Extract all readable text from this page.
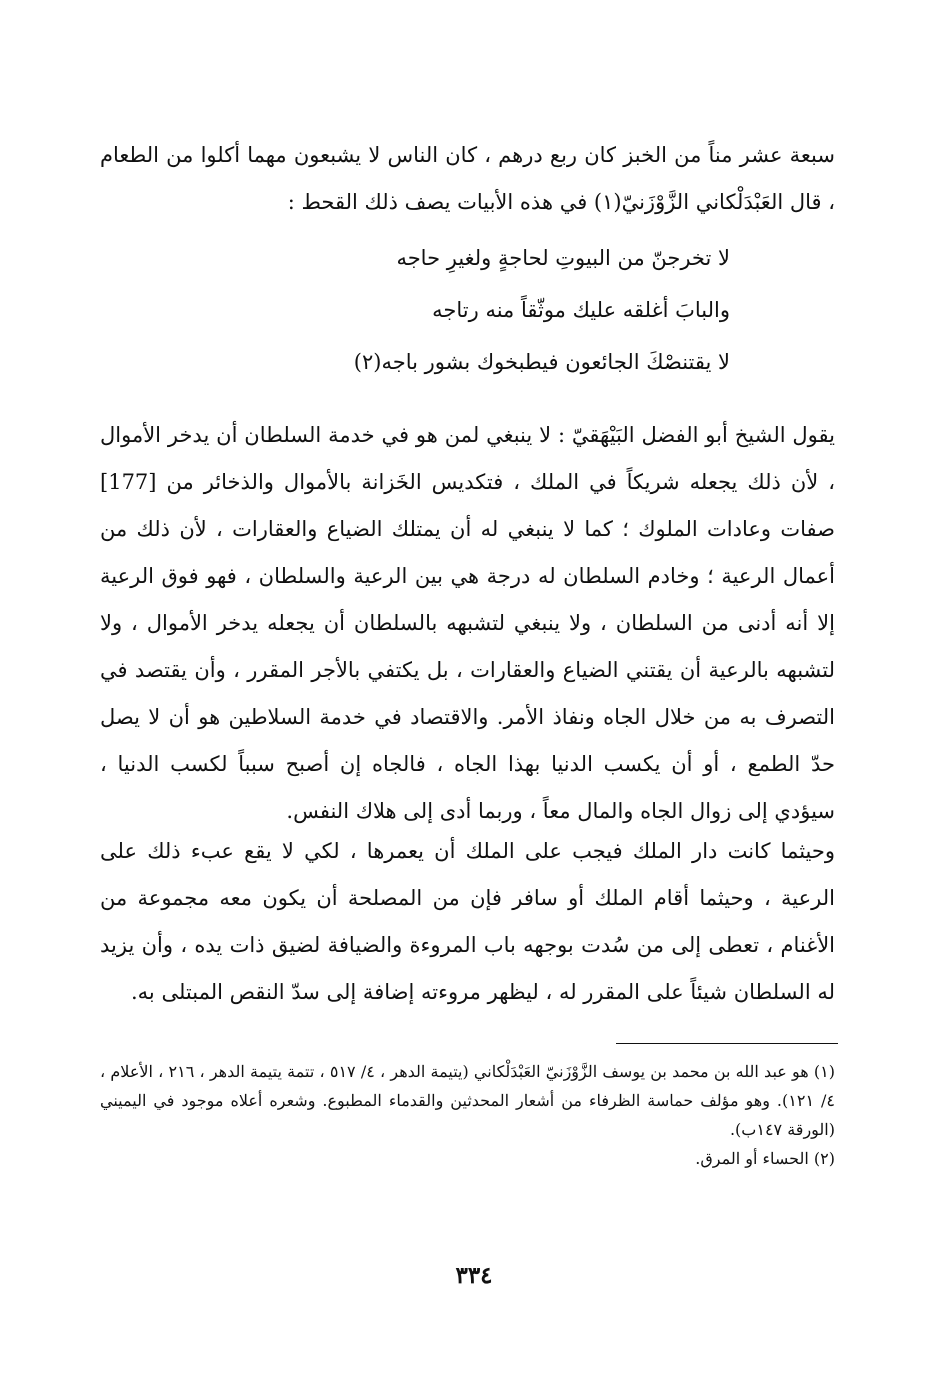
سبعة عشر مناً من الخبز كان ربع درهم ، كان الناس لا يشبعون مهما أكلوا من الطعام ، قال العَبْدَلْكاني الزَّوْزَنيّ(١) في هذه الأبيات يصف ذلك القحط :

لا تخرجنّ من البيوتِ لحاجةٍ ولغيرِ حاجه
والبابَ أغلقه عليك موثّقاً منه رتاجه
لا يقتنصْكَ الجائعون فيطبخوك بشور باجه(٢)

يقول الشيخ أبو الفضل البَيْهَقيّ : لا ينبغي لمن هو في خدمة السلطان أن يدخر الأموال ، لأن ذلك يجعله شريكاً في الملك ، فتكديس الخَزانة بالأموال والذخائر من [177] صفات وعادات الملوك ؛ كما لا ينبغي له أن يمتلك الضياع والعقارات ، لأن ذلك من أعمال الرعية ؛ وخادم السلطان له درجة هي بين الرعية والسلطان ، فهو فوق الرعية إلا أنه أدنى من السلطان ، ولا ينبغي لتشبهه بالسلطان أن يجعله يدخر الأموال ، ولا لتشبهه بالرعية أن يقتني الضياع والعقارات ، بل يكتفي بالأجر المقرر ، وأن يقتصد في التصرف به من خلال الجاه ونفاذ الأمر. والاقتصاد في خدمة السلاطين هو أن لا يصل حدّ الطمع ، أو أن يكسب الدنيا بهذا الجاه ، فالجاه إن أصبح سبباً لكسب الدنيا ، سيؤدي إلى زوال الجاه والمال معاً ، وربما أدى إلى هلاك النفس.

وحيثما كانت دار الملك فيجب على الملك أن يعمرها ، لكي لا يقع عبء ذلك على الرعية ، وحيثما أقام الملك أو سافر فإن من المصلحة أن يكون معه مجموعة من الأغنام ، تعطى إلى من سُدت بوجهه باب المروءة والضيافة لضيق ذات يده ، وأن يزيد له السلطان شيئاً على المقرر له ، ليظهر مروءته إضافة إلى سدّ النقص المبتلى به.

(١) هو عبد الله بن محمد بن يوسف الزَّوْزَنيّ العَبْدَلْكاني (يتيمة الدهر ، ٤/ ٥١٧ ، تتمة يتيمة الدهر ، ٢١٦ ، الأعلام ، ٤/ ١٢١). وهو مؤلف حماسة الظرفاء من أشعار المحدثين والقدماء المطبوع. وشعره أعلاه موجود في اليميني (الورقة ١٤٧ب).
(٢) الحساء أو المرق.
٣٣٤
